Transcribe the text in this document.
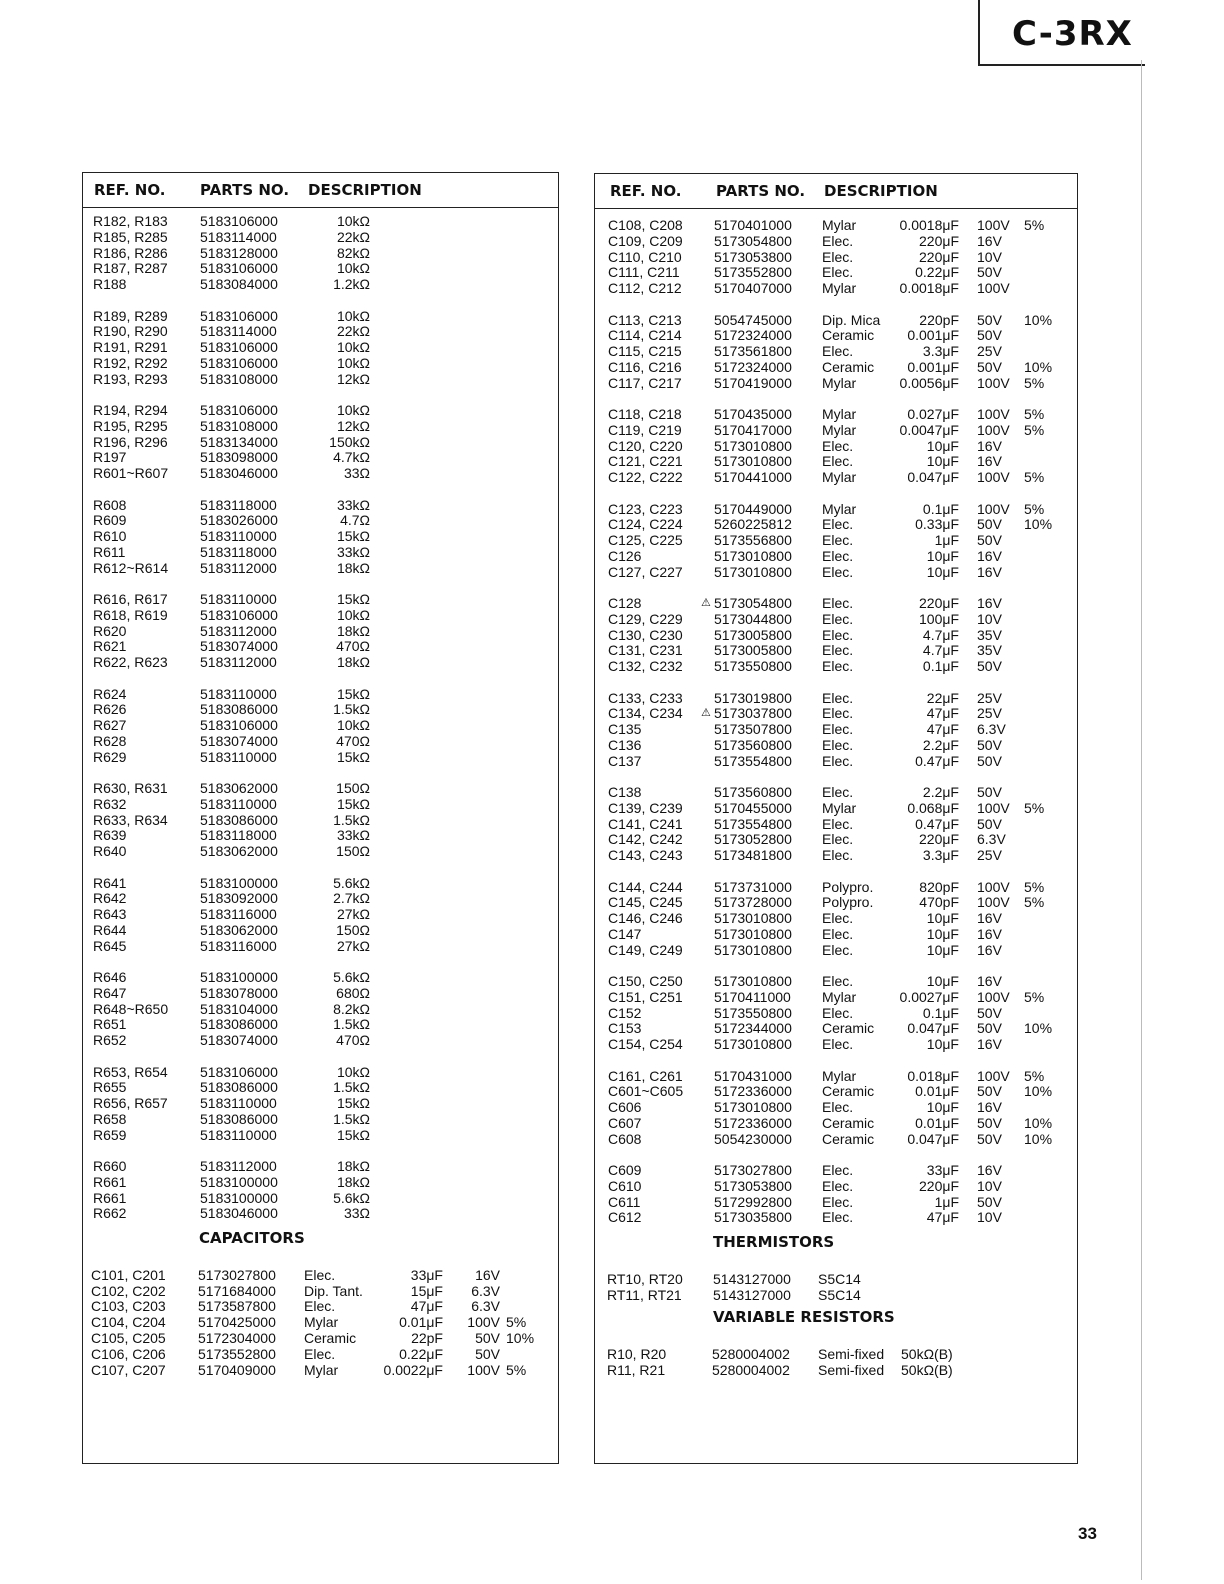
C-3RX
REF. NO. PARTS NO. DESCRIPTION
R182, R183 5183106000	10kΩ
R185, R285 5183114000	22kΩ
R186, R286 5183128000	82kΩ
R187, R287 5183106000	10kΩ
R188	5183084000	1.2kΩ
R189, R289 5183106000	10kΩ
R190, R290 5183114000	22kΩ
R191, R291 5183106000	10kΩ
R192, R292 5183106000	10kΩ
R193, R293 5183108000	12kΩ
R194, R294 5183106000	10kΩ
R195, R295 5183108000	12kΩ
R196, R296 5183134000	150kΩ
R197	5183098000	4.7kΩ
R601~R607 5183046000	33Ω
R608	5183118000	33kΩ
R609	5183026000	4.7Ω
R610	5183110000	15kΩ
R611	5183118000	33kΩ
R612~R614 5183112000	18kΩ
R616, R617 5183110000	15kΩ
R618, R619 5183106000	10kΩ
R620	5183112000	18kΩ
R621	5183074000	470Ω
R622, R623 5183112000	18kΩ
R624	5183110000	15kΩ
R626	5183086000	1.5kΩ
R627	5183106000	10kΩ
R628	5183074000	470Ω
R629	5183110000	15kΩ
R630, R631 5183062000	150Ω
R632	5183110000	15kΩ
R633, R634 5183086000	1.5kΩ
R639	5183118000	33kΩ
R640	5183062000	150Ω
R641	5183100000	5.6kΩ
R642	5183092000	2.7kΩ
R643	5183116000	27kΩ
R644	5183062000	150Ω
R645	5183116000	27kΩ
R646	5183100000	5.6kΩ
R647	5183078000	680Ω
R648~R650 5183104000	8.2kΩ
R651	5183086000	1.5kΩ
R652	5183074000	470Ω
R653, R654 5183106000	10kΩ
R655	5183086000	1.5kΩ
R656, R657 5183110000	15kΩ
R658	5183086000	1.5kΩ
R659	5183110000	15kΩ
R660	5183112000	18kΩ
R661	5183100000	18kΩ
R661	5183100000	5.6kΩ
R662	5183046000	33Ω
CAPACITORS
C101, C201 5173027800 Elec.	33μF 16V
C102, C202 5171684000 Dip. Tant.	15μF 6.3V
C103, C203 5173587800 Elec.	47μF 6.3V
C104, C204 5170425000 Mylar	0.01μF 100V 5%
C105, C205 5172304000 Ceramic	22pF 50V 10%
C106, C206 5173552800 Elec.	0.22μF 50V
C107, C207 5170409000 Mylar	0.0022μF 100V 5%
REF. NO. PARTS NO. DESCRIPTION
C108, C208 5170401000 Mylar	0.0018μF 100V 5%
C109, C209 5173054800 Elec.	220μF 16V
C110, C210 5173053800 Elec.	220μF 10V
C111, C211 5173552800 Elec.	0.22μF 50V
C112, C212 5170407000 Mylar	0.0018μF 100V
C113, C213 5054745000 Dip. Mica	220pF 50V 10%
C114, C214 5172324000 Ceramic 0.001μF 50V
C115, C215 5173561800 Elec.	3.3μF 25V
C116, C216 5172324000 Ceramic 0.001μF 50V 10%
C117, C217 5170419000 Mylar	0.0056μF 100V 5%
C118, C218 5170435000 Mylar	0.027μF 100V 5%
C119, C219 5170417000 Mylar	0.0047μF 100V 5%
C120, C220 5173010800 Elec.	10μF 16V
C121, C221 5173010800 Elec.	10μF 16V
C122, C222 5170441000 Mylar	0.047μF 100V 5%
C123, C223 5170449000 Mylar	0.1μF 100V 5%
C124, C224 5260225812 Elec.	0.33μF 50V 10%
C125, C225 5173556800 Elec.	1μF 50V
C126	5173010800 Elec.	10μF 16V
C127, C227 5173010800 Elec.	10μF 16V
C128	⚠ 5173054800 Elec.	220μF 16V
C129, C229 5173044800 Elec.	100μF 10V
C130, C230 5173005800 Elec.	4.7μF 35V
C131, C231 5173005800 Elec.	4.7μF 35V
C132, C232 5173550800 Elec.	0.1μF 50V
C133, C233 5173019800 Elec.	22μF 25V
C134, C234 ⚠ 5173037800 Elec.	47μF 25V
C135	5173507800 Elec.	47μF 6.3V
C136	5173560800 Elec.	2.2μF 50V
C137	5173554800 Elec.	0.47μF 50V
C138	5173560800 Elec.	2.2μF 50V
C139, C239 5170455000 Mylar	0.068μF 100V 5%
C141, C241 5173554800 Elec.	0.47μF 50V
C142, C242 5173052800 Elec.	220μF 6.3V
C143, C243 5173481800 Elec.	3.3μF 25V
C144, C244 5173731000 Polypro.	820pF 100V 5%
C145, C245 5173728000 Polypro.	470pF 100V 5%
C146, C246 5173010800 Elec.	10μF 16V
C147	5173010800 Elec.	10μF 16V
C149, C249 5173010800 Elec.	10μF 16V
C150, C250 5173010800 Elec.	10μF 16V
C151, C251 5170411000 Mylar	0.0027μF 100V 5%
C152	5173550800 Elec.	0.1μF 50V
C153	5172344000 Ceramic 0.047μF 50V 10%
C154, C254 5173010800 Elec.	10μF 16V
C161, C261 5170431000 Mylar	0.018μF 100V 5%
C601~C605 5172336000 Ceramic	0.01μF 50V 10%
C606	5173010800 Elec.	10μF 16V
C607	5172336000 Ceramic	0.01μF 50V 10%
C608	5054230000 Ceramic 0.047μF 50V 10%
C609	5173027800 Elec.	33μF 16V
C610	5173053800 Elec.	220μF 10V
C611	5172992800 Elec.	1μF 50V
C612	5173035800 Elec.	47μF 10V
THERMISTORS
RT10, RT20 5143127000 S5C14
RT11, RT21 5143127000 S5C14
VARIABLE RESISTORS
R10, R20	5280004002 Semi-fixed 50kΩ(B)
R11, R21	5280004002 Semi-fixed 50kΩ(B)
33
